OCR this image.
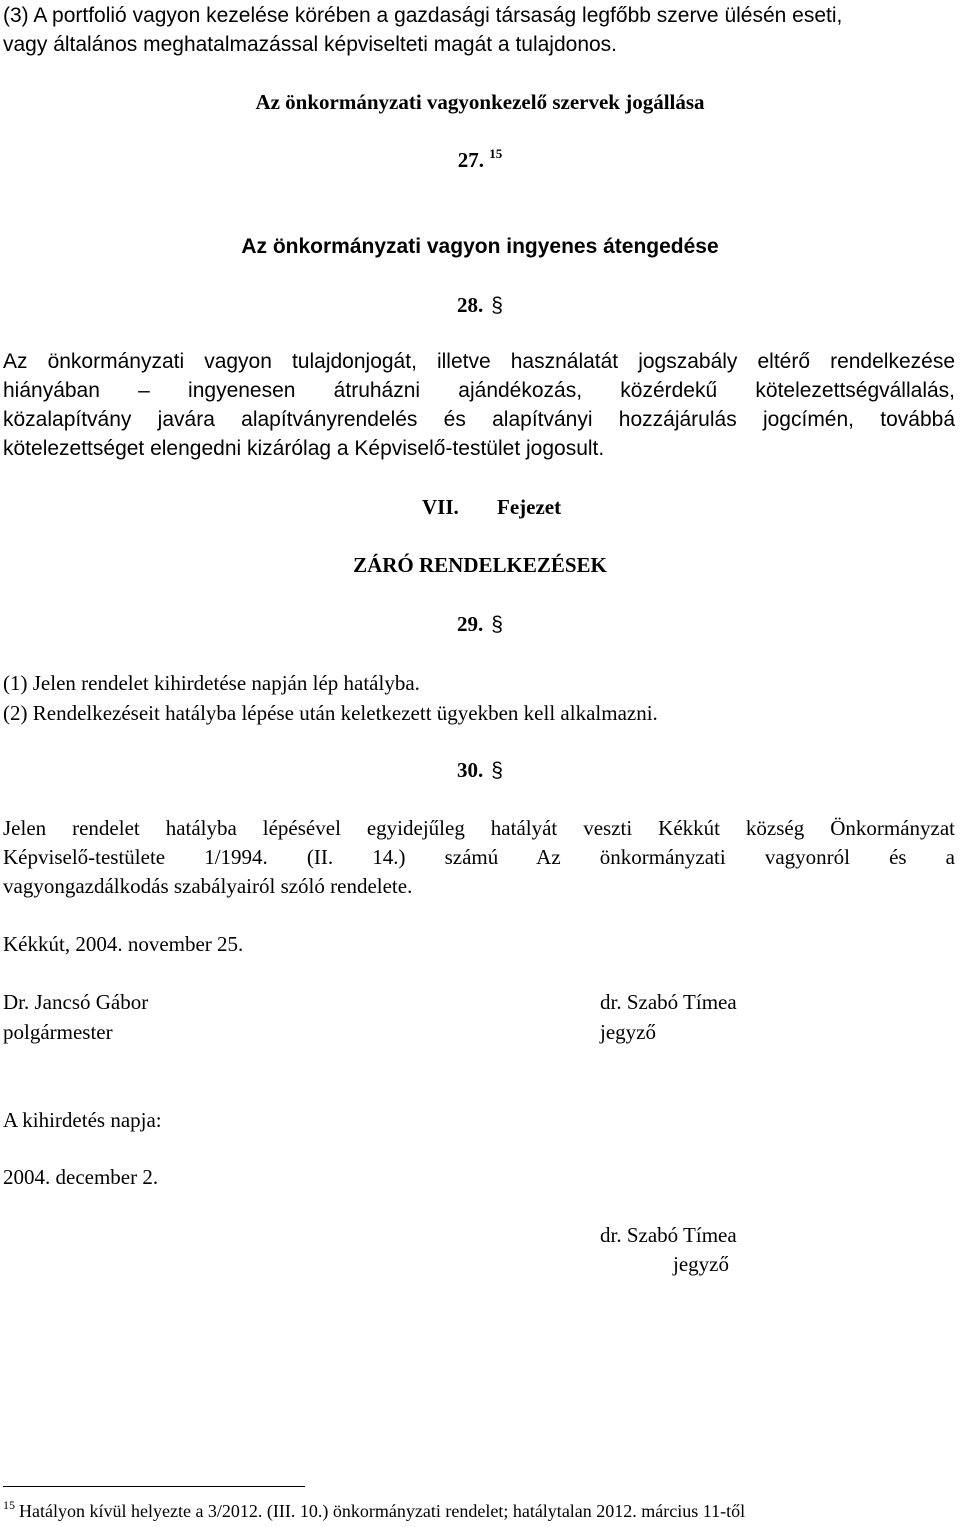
(3) A portfolió vagyon kezelése körében a gazdasági társaság legfőbb szerve ülésén eseti,
vagy általános meghatalmazással képviselteti magát a tulajdonos.
Az önkormányzati vagyonkezelő szervek jogállása
27. $^{15}$
Az önkormányzati vagyon ingyenes átengedése
28. §
Az önkormányzati vagyon tulajdonjogát, illetve használatát jogszabály eltérő rendelkezése
hiányában – ingyenesen átruházni ajándékozás, közérdekű kötelezettségvállalás,
közalapítvány javára alapítványrendelés és alapítványi hozzájárulás jogcímén, továbbá
kötelezettséget elengedni kizárólag a Képviselő-testület jogosult.
VII. Fejezet
ZÁRÓ RENDELKEZÉSEK
29. §
(1) Jelen rendelet kihirdetése napján lép hatályba.
(2) Rendelkezéseit hatályba lépése után keletkezett ügyekben kell alkalmazni.
30. §
Jelen rendelet hatályba lépésével egyidejűleg hatályát veszti Kékkút község Önkormányzat
Képviselő-testülete 1/1994. (II. 14.) számú Az önkormányzati vagyonról és a
vagyongazdálkodás szabályairól szóló rendelete.
Kékkút, 2004. november 25.
Dr. Jancsó Gábor
polgármester
dr. Szabó Tímea
jegyző
A kihirdetés napja:
2004. december 2.
dr. Szabó Tímea
jegyző
$^{15}$ Hatályon kívül helyezte a 3/2012. (III. 10.) önkormányzati rendelet; hatálytalan 2012. március 11-től
